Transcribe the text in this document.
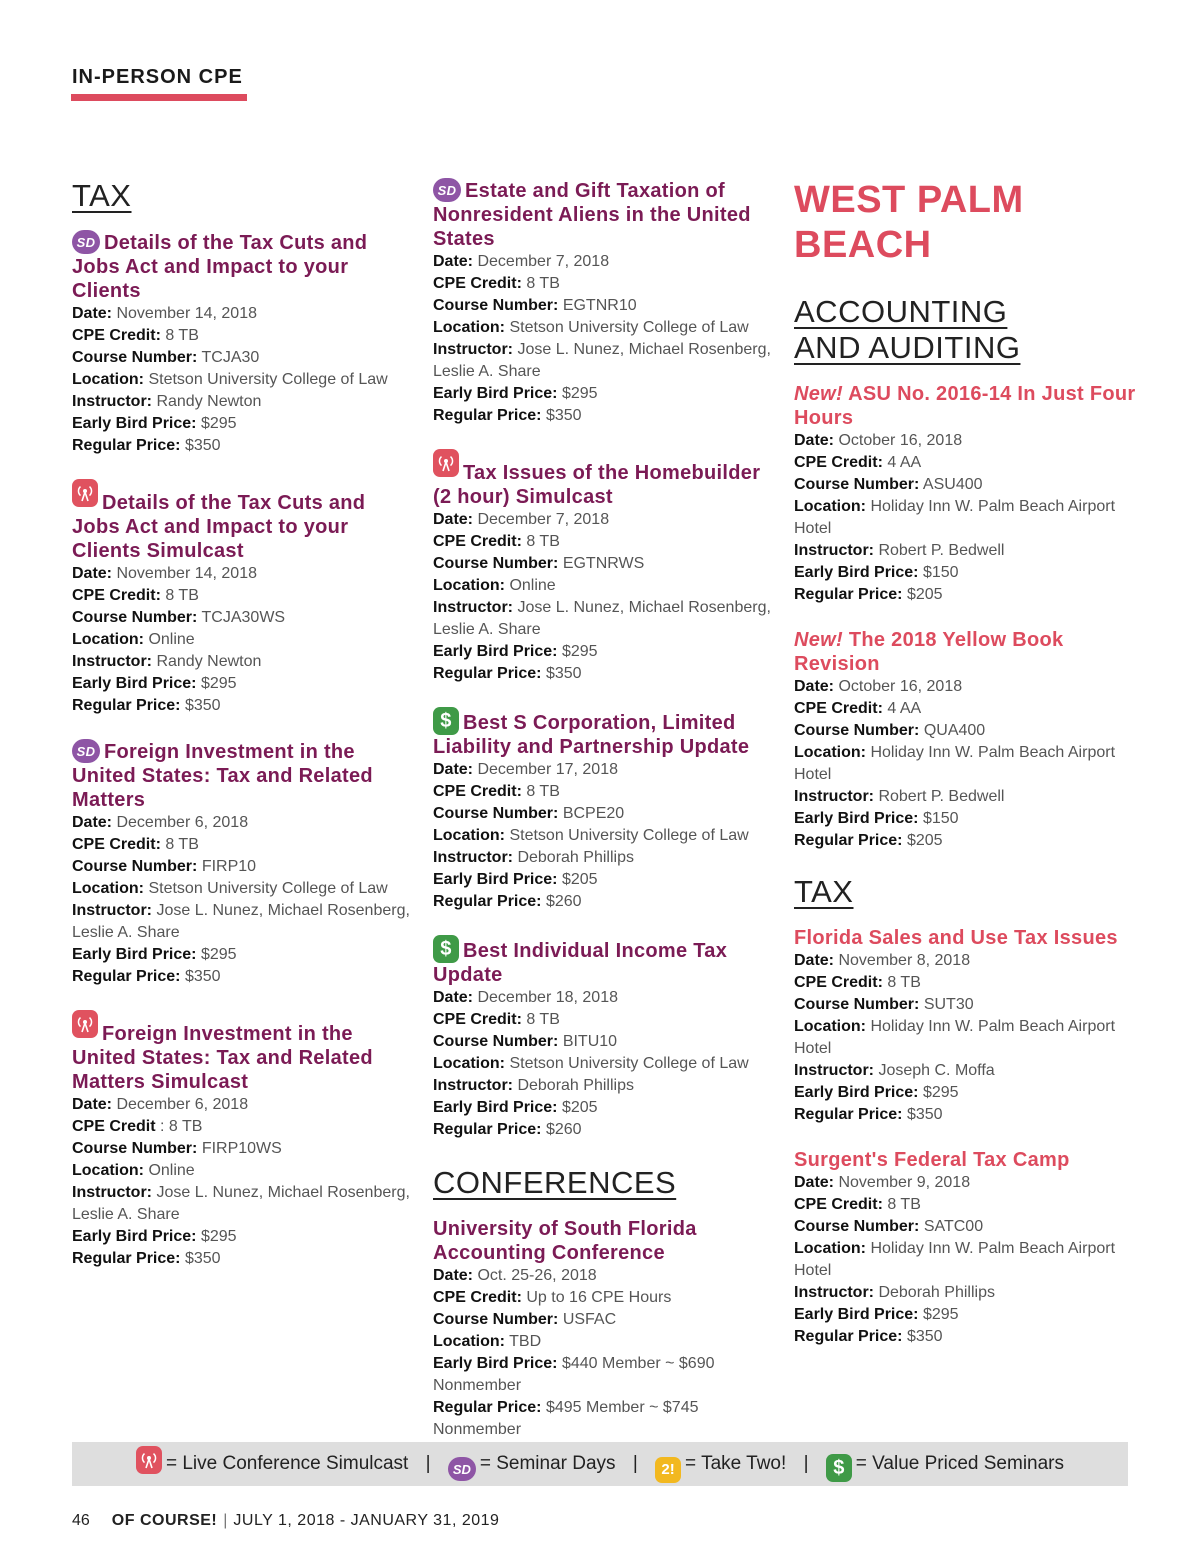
IN-PERSON CPE
TAX
SD Details of the Tax Cuts and Jobs Act and Impact to your Clients
Date: November 14, 2018
CPE Credit: 8 TB
Course Number: TCJA30
Location: Stetson University College of Law
Instructor: Randy Newton
Early Bird Price: $295
Regular Price: $350
Details of the Tax Cuts and Jobs Act and Impact to your Clients Simulcast
Date: November 14, 2018
CPE Credit: 8 TB
Course Number: TCJA30WS
Location: Online
Instructor: Randy Newton
Early Bird Price: $295
Regular Price: $350
SD Foreign Investment in the United States: Tax and Related Matters
Date: December 6, 2018
CPE Credit: 8 TB
Course Number: FIRP10
Location: Stetson University College of Law
Instructor: Jose L. Nunez, Michael Rosenberg, Leslie A. Share
Early Bird Price: $295
Regular Price: $350
Foreign Investment in the United States: Tax and Related Matters Simulcast
Date: December 6, 2018
CPE Credit : 8 TB
Course Number: FIRP10WS
Location: Online
Instructor: Jose L. Nunez, Michael Rosenberg, Leslie A. Share
Early Bird Price: $295
Regular Price: $350
SD Estate and Gift Taxation of Nonresident Aliens in the United States
Date: December 7, 2018
CPE Credit: 8 TB
Course Number: EGTNR10
Location: Stetson University College of Law
Instructor: Jose L. Nunez, Michael Rosenberg, Leslie A. Share
Early Bird Price: $295
Regular Price: $350
Tax Issues of the Homebuilder (2 hour) Simulcast
Date: December 7, 2018
CPE Credit: 8 TB
Course Number: EGTNRWS
Location: Online
Instructor: Jose L. Nunez, Michael Rosenberg, Leslie A. Share
Early Bird Price: $295
Regular Price: $350
$ Best S Corporation, Limited Liability and Partnership Update
Date: December 17, 2018
CPE Credit: 8 TB
Course Number: BCPE20
Location: Stetson University College of Law
Instructor: Deborah Phillips
Early Bird Price: $205
Regular Price: $260
$ Best Individual Income Tax Update
Date: December 18, 2018
CPE Credit: 8 TB
Course Number: BITU10
Location: Stetson University College of Law
Instructor: Deborah Phillips
Early Bird Price: $205
Regular Price: $260
CONFERENCES
University of South Florida Accounting Conference
Date: Oct. 25-26, 2018
CPE Credit: Up to 16 CPE Hours
Course Number: USFAC
Location: TBD
Early Bird Price: $440 Member ~ $690 Nonmember
Regular Price: $495 Member ~ $745 Nonmember
WEST PALM BEACH
ACCOUNTING AND AUDITING
New! ASU No. 2016-14 In Just Four Hours
Date: October 16, 2018
CPE Credit: 4 AA
Course Number: ASU400
Location: Holiday Inn W. Palm Beach Airport Hotel
Instructor: Robert P. Bedwell
Early Bird Price: $150
Regular Price: $205
New! The 2018 Yellow Book Revision
Date: October 16, 2018
CPE Credit: 4 AA
Course Number: QUA400
Location: Holiday Inn W. Palm Beach Airport Hotel
Instructor: Robert P. Bedwell
Early Bird Price: $150
Regular Price: $205
TAX
Florida Sales and Use Tax Issues
Date: November 8, 2018
CPE Credit: 8 TB
Course Number: SUT30
Location: Holiday Inn W. Palm Beach Airport Hotel
Instructor: Joseph C. Moffa
Early Bird Price: $295
Regular Price: $350
Surgent's Federal Tax Camp
Date: November 9, 2018
CPE Credit: 8 TB
Course Number: SATC00
Location: Holiday Inn W. Palm Beach Airport Hotel
Instructor: Deborah Phillips
Early Bird Price: $295
Regular Price: $350
= Live Conference Simulcast | SD = Seminar Days | 2! = Take Two! | $ = Value Priced Seminars
46 OF COURSE! | JULY 1, 2018 - JANUARY 31, 2019
